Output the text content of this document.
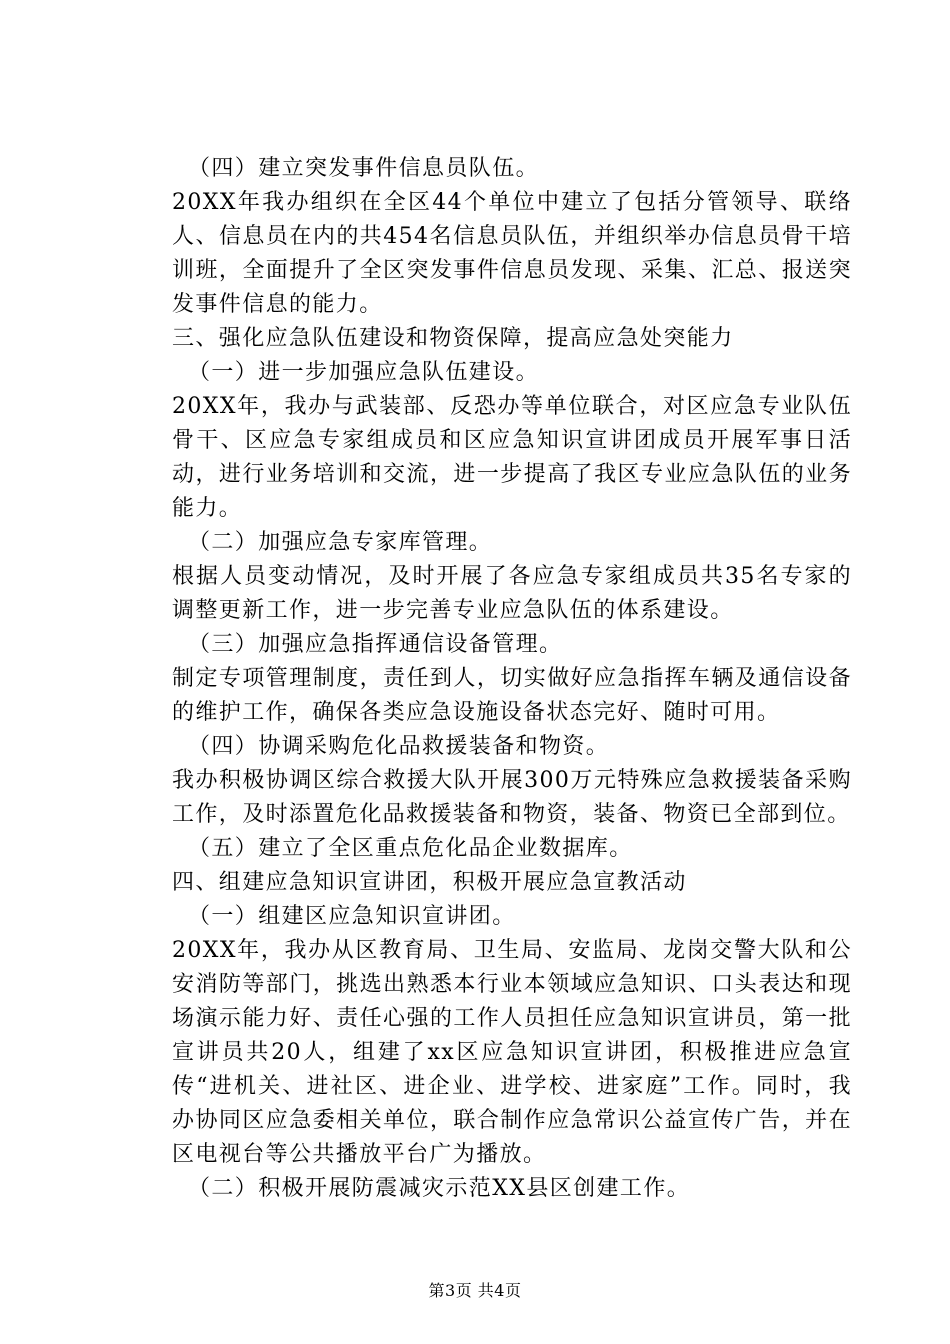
（四）建立突发事件信息员队伍。

20XX年我办组织在全区44个单位中建立了包括分管领导、联络人、信息员在内的共454名信息员队伍，并组织举办信息员骨干培训班，全面提升了全区突发事件信息员发现、采集、汇总、报送突发事件信息的能力。

三、强化应急队伍建设和物资保障，提高应急处突能力

（一）进一步加强应急队伍建设。

20XX年，我办与武装部、反恐办等单位联合，对区应急专业队伍骨干、区应急专家组成员和区应急知识宣讲团成员开展军事日活动，进行业务培训和交流，进一步提高了我区专业应急队伍的业务能力。

（二）加强应急专家库管理。

根据人员变动情况，及时开展了各应急专家组成员共35名专家的调整更新工作，进一步完善专业应急队伍的体系建设。

（三）加强应急指挥通信设备管理。

制定专项管理制度，责任到人，切实做好应急指挥车辆及通信设备的维护工作，确保各类应急设施设备状态完好、随时可用。

（四）协调采购危化品救援装备和物资。

我办积极协调区综合救援大队开展300万元特殊应急救援装备采购工作，及时添置危化品救援装备和物资，装备、物资已全部到位。

（五）建立了全区重点危化品企业数据库。

四、组建应急知识宣讲团，积极开展应急宣教活动

（一）组建区应急知识宣讲团。

20XX年，我办从区教育局、卫生局、安监局、龙岗交警大队和公安消防等部门，挑选出熟悉本行业本领域应急知识、口头表达和现场演示能力好、责任心强的工作人员担任应急知识宣讲员，第一批宣讲员共20人，组建了xx区应急知识宣讲团，积极推进应急宣传“进机关、进社区、进企业、进学校、进家庭”工作。同时，我办协同区应急委相关单位，联合制作应急常识公益宣传广告，并在区电视台等公共播放平台广为播放。

（二）积极开展防震减灾示范XX县区创建工作。

第3页 共4页
